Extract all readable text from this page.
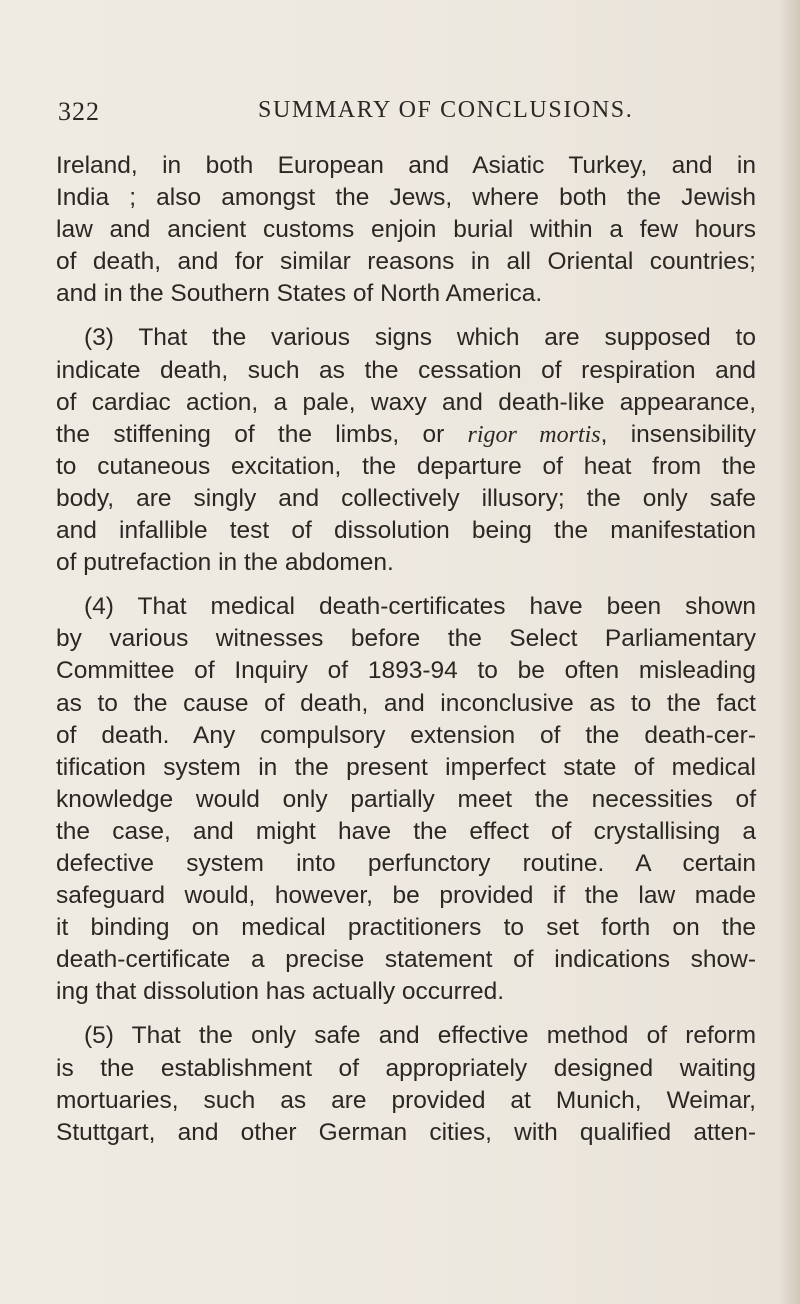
322	SUMMARY OF CONCLUSIONS.
Ireland, in both European and Asiatic Turkey, and in
India ; also amongst the Jews, where both the Jewish
law and ancient customs enjoin burial within a few hours
of death, and for similar reasons in all Oriental countries;
and in the Southern States of North America.
(3) That the various signs which are supposed to
indicate death, such as the cessation of respiration and
of cardiac action, a pale, waxy and death-like appearance,
the stiffening of the limbs, or rigor mortis, insensibility
to cutaneous excitation, the departure of heat from the
body, are singly and collectively illusory; the only safe
and infallible test of dissolution being the manifestation
of putrefaction in the abdomen.
(4) That medical death-certificates have been shown
by various witnesses before the Select Parliamentary
Committee of Inquiry of 1893-94 to be often misleading
as to the cause of death, and inconclusive as to the fact
of death. Any compulsory extension of the death-cer-
tification system in the present imperfect state of medical
knowledge would only partially meet the necessities of
the case, and might have the effect of crystallising a
defective system into perfunctory routine. A certain
safeguard would, however, be provided if the law made
it binding on medical practitioners to set forth on the
death-certificate a precise statement of indications show-
ing that dissolution has actually occurred.
(5) That the only safe and effective method of reform
is the establishment of appropriately designed waiting
mortuaries, such as are provided at Munich, Weimar,
Stuttgart, and other German cities, with qualified atten-
